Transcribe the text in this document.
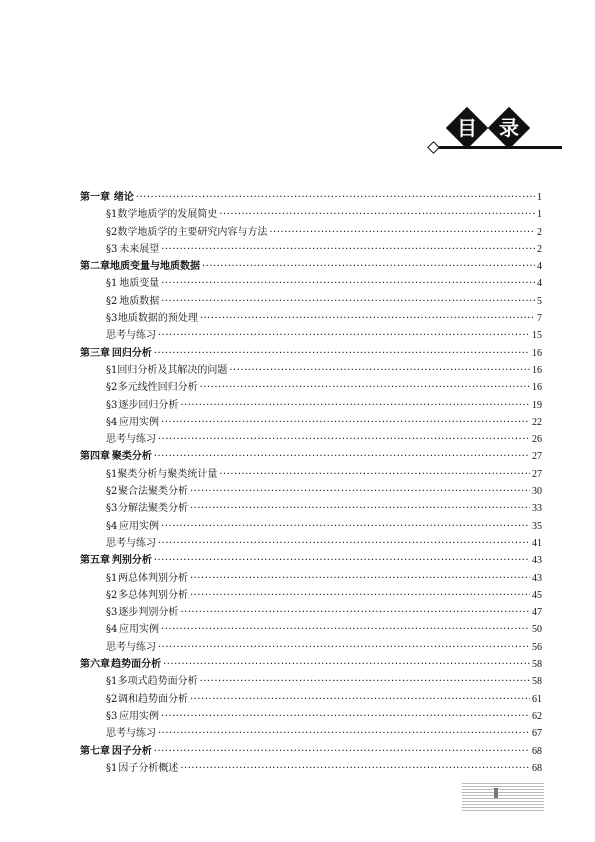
目	录
第一章 绪论 ·····	1
§1 数学地质学的发展简史 ·····	1
§2 数学地质学的主要研究内容与方法 ·····	2
§3 未来展望 ·····	2
第二章 地质变量与地质数据 ·····	4
§1 地质变量 ·····	4
§2 地质数据 ·····	5
§3 地质数据的预处理 ·····	7
思考与练习 ·····	15
第三章 回归分析 ·····	16
§1 回归分析及其解决的问题 ·····	16
§2 多元线性回归分析 ·····	16
§3 逐步回归分析 ·····	19
§4 应用实例 ·····	22
思考与练习 ·····	26
第四章 聚类分析 ·····	27
§1 聚类分析与聚类统计量 ·····	27
§2 聚合法聚类分析 ·····	30
§3 分解法聚类分析 ·····	33
§4 应用实例 ·····	35
思考与练习 ·····	41
第五章 判别分析 ·····	43
§1 两总体判别分析 ·····	43
§2 多总体判别分析 ·····	45
§3 逐步判别分析 ·····	47
§4 应用实例 ·····	50
思考与练习 ·····	56
第六章 趋势面分析 ·····	58
§1 多项式趋势面分析 ·····	58
§2 调和趋势面分析 ·····	61
§3 应用实例 ·····	62
思考与练习 ·····	67
第七章 因子分析 ·····	68
§1 因子分析概述 ·····	68
